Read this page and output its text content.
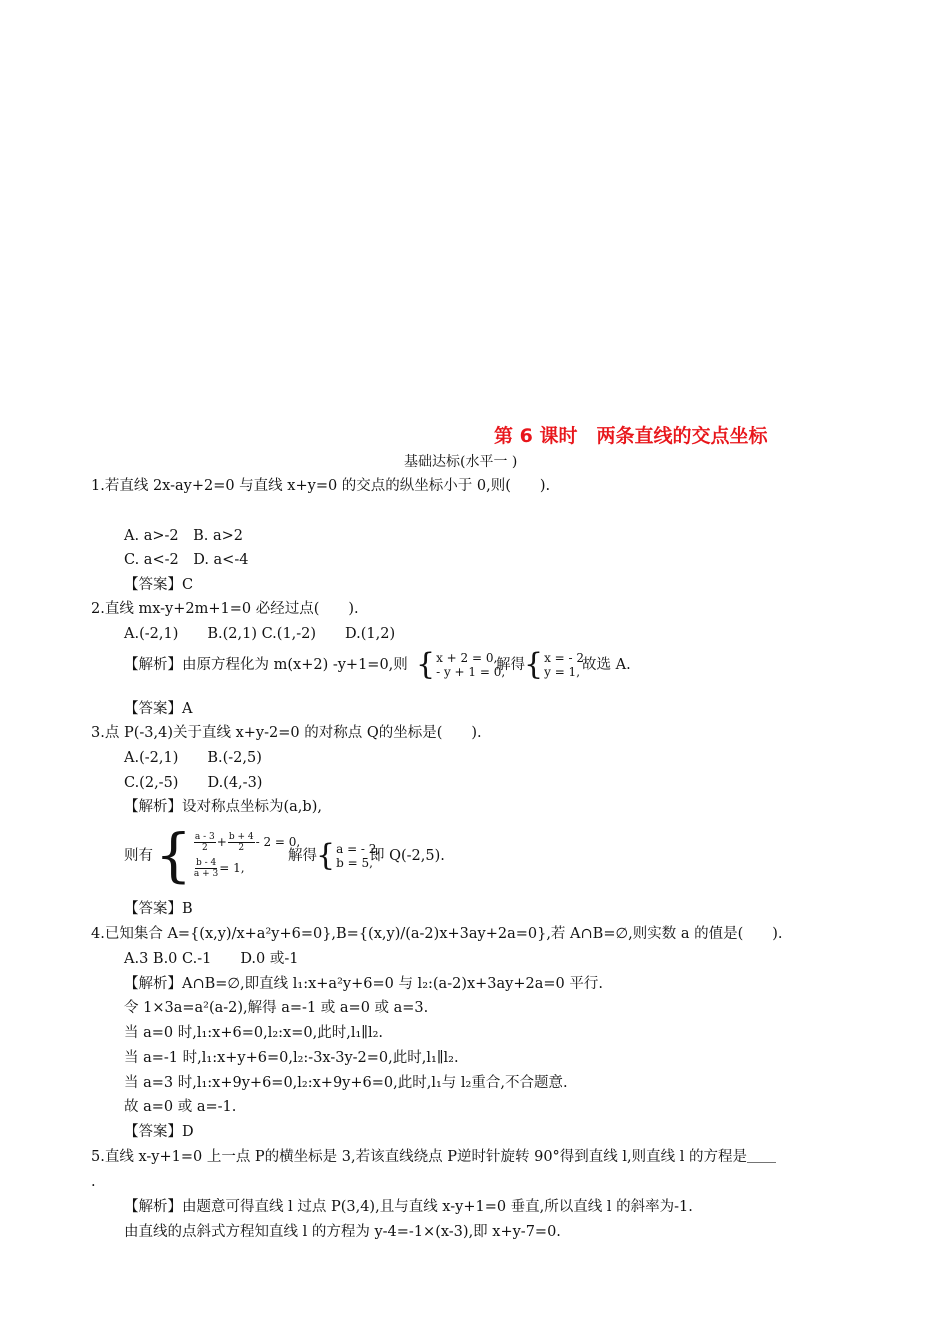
第 6 课时　两条直线的交点坐标
基础达标(水平一 )
1.若直线 2x-ay+2=0 与直线 x+y=0 的交点的纵坐标小于 0,则(　　).
A. a>-2　B. a>2
C. a<-2　D. a<-4
【答案】C
2.直线 mx-y+2m+1=0 必经过点(　　).
A.(-2,1)　　B.(2,1) C.(1,-2)　　D.(1,2)
【解析】由原方程化为 m(x+2) -y+1=0,则 { x + 2 = 0,
- y + 1 = 0,
解得 { x = - 2,
y = 1, 故选 A.
【答案】A
3.点 P(-3,4)关于直线 x+y-2=0 的对称点 Q的坐标是(　　).
A.(-2,1)　　B.(-2,5)
C.(2,-5)　　D.(4,-3)
【解析】设对称点坐标为(a,b),
则有 { $\frac{a - 3}{2} + \frac{b + 4}{2} - 2 = 0$,
$\frac{b - 4}{a + 3} = 1$,
解得 { a = - 2,
b = 5,
即 Q(-2,5).
【答案】B
4.已知集合 A={(x,y)/x+a²y+6=0},B={(x,y)/(a-2)x+3ay+2a=0},若 A∩B=∅,则实数 a 的值是(　　).
A.3 B.0 C.-1　　D.0 或-1
【解析】A∩B=∅,即直线 l₁:x+a²y+6=0 与 l₂:(a-2)x+3ay+2a=0 平行.
令 1×3a=a²(a-2),解得 a=-1 或 a=0 或 a=3.
当 a=0 时,l₁:x+6=0,l₂:x=0,此时,l₁∥l₂.
当 a=-1 时,l₁:x+y+6=0,l₂:-3x-3y-2=0,此时,l₁∥l₂.
当 a=3 时,l₁:x+9y+6=0,l₂:x+9y+6=0,此时,l₁与 l₂重合,不合题意.
故 a=0 或 a=-1.
【答案】D
5.直线 x-y+1=0 上一点 P的横坐标是 3,若该直线绕点 P逆时针旋转 90°得到直线 l,则直线 l 的方程是＿＿
.
【解析】由题意可得直线 l 过点 P(3,4),且与直线 x-y+1=0 垂直,所以直线 l 的斜率为-1.
由直线的点斜式方程知直线 l 的方程为 y-4=-1×(x-3),即 x+y-7=0.
